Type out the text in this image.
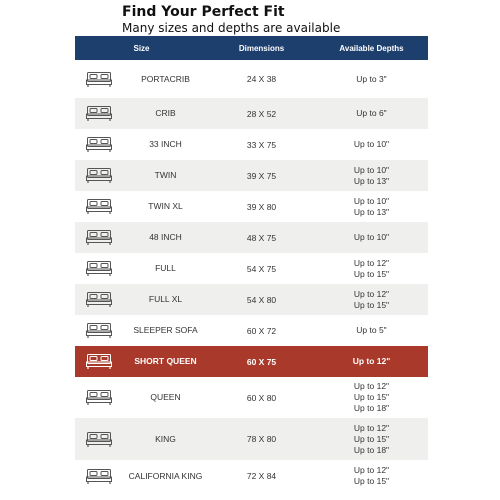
Find Your Perfect Fit
Many sizes and depths are available
Size	Dimensions	Available Depths
PORTACRIB	24 X 38	Up to 3"
CRIB	28 X 52	Up to 6"
33 INCH	33 X 75	Up to 10"
TWIN	39 X 75
Up to 10"
Up to 13"
TWIN XL	39 X 80
Up to 10"
Up to 13"
48 INCH	48 X 75	Up to 10"
FULL	54 X 75
Up to 12"
Up to 15"
FULL XL	54 X 80
Up to 12"
Up to 15"
SLEEPER SOFA	60 X 72	Up to 5"
SHORT QUEEN	60 X 75	Up to 12"
QUEEN	60 X 80
Up to 12"
Up to 15"
Up to 18"
KING	78 X 80
Up to 12"
Up to 15"
Up to 18"
CALIFORNIA KING	72 X 84
Up to 12"
Up to 15"
